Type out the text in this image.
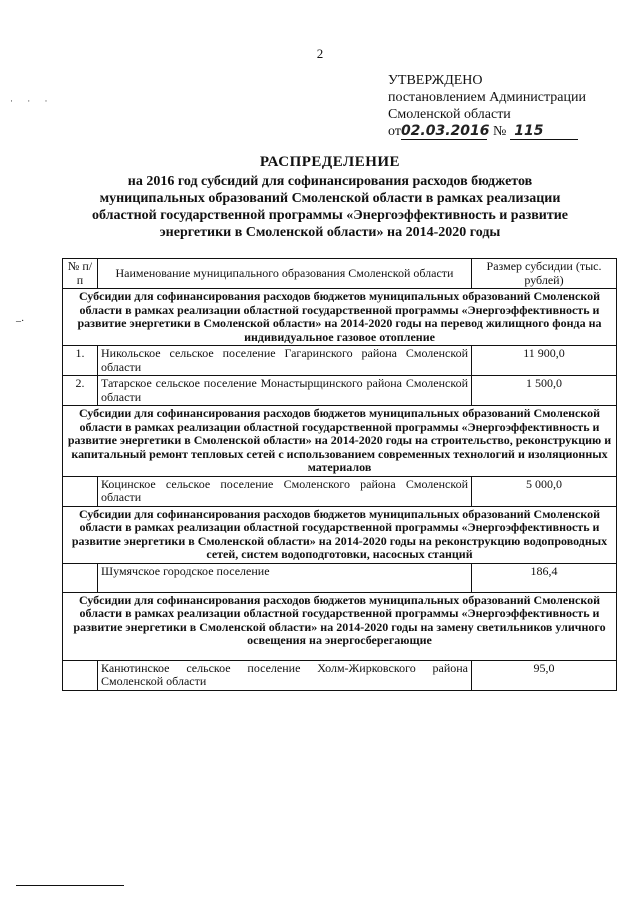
2
· · ·
–·
УТВЕРЖДЕНО
постановлением Администрации
Смоленской области
от 02.03.2016 № 115
РАСПРЕДЕЛЕНИЕ
на 2016 год субсидий для софинансирования расходов бюджетов
муниципальных образований Смоленской области в рамках реализации
областной государственной программы «Энергоэффективность и развитие
энергетики в Смоленской области» на 2014-2020 годы
№ п/п	Наименование муниципального образования Смоленской области	Размер субсидии (тыс. рублей)
Субсидии для софинансирования расходов бюджетов муниципальных образований Смоленской области в рамках реализации областной государственной программы «Энергоэффективность и развитие энергетики в Смоленской области» на 2014-2020 годы на перевод жилищного фонда на индивидуальное газовое отопление		
1.	Никольское сельское поселение Гагаринского района Смоленской области	11 900,0
2.	Татарское сельское поселение Монастырщинского района Смоленской области	1 500,0
Субсидии для софинансирования расходов бюджетов муниципальных образований Смоленской области в рамках реализации областной государственной программы «Энергоэффективность и развитие энергетики в Смоленской области» на 2014-2020 годы на строительство, реконструкцию и капитальный ремонт тепловых сетей с использованием современных технологий и изоляционных материалов		
	Коцинское сельское поселение Смоленского района Смоленской области	5 000,0
Субсидии для софинансирования расходов бюджетов муниципальных образований Смоленской области в рамках реализации областной государственной программы «Энергоэффективность и развитие энергетики в Смоленской области» на 2014-2020 годы на реконструкцию водопроводных сетей, систем водоподготовки, насосных станций		
	Шумячское городское поселение	186,4
Субсидии для софинансирования расходов бюджетов муниципальных образований Смоленской области в рамках реализации областной государственной программы «Энергоэффективность и развитие энергетики в Смоленской области» на 2014-2020 годы на замену светильников уличного освещения на энергосберегающие		
	Канютинское сельское поселение Холм-Жирковского района Смоленской области	95,0
